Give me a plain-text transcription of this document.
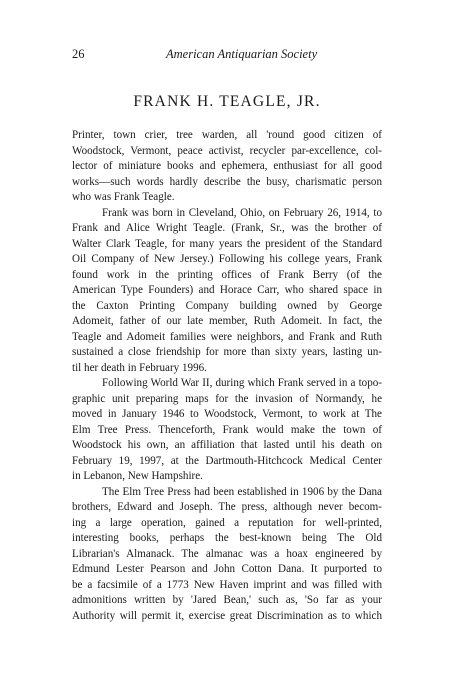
26	American Antiquarian Society
FRANK H. TEAGLE, JR.
Printer, town crier, tree warden, all 'round good citizen of
Woodstock, Vermont, peace activist, recycler par-excellence, col-
lector of miniature books and ephemera, enthusiast for all good
works—such words hardly describe the busy, charismatic person
who was Frank Teagle.
Frank was born in Cleveland, Ohio, on February 26, 1914, to
Frank and Alice Wright Teagle. (Frank, Sr., was the brother of
Walter Clark Teagle, for many years the president of the Standard
Oil Company of New Jersey.) Following his college years, Frank
found work in the printing offices of Frank Berry (of the
American Type Founders) and Horace Carr, who shared space in
the Caxton Printing Company building owned by George
Adomeit, father of our late member, Ruth Adomeit. In fact, the
Teagle and Adomeit families were neighbors, and Frank and Ruth
sustained a close friendship for more than sixty years, lasting un-
til her death in February 1996.
Following World War II, during which Frank served in a topo-
graphic unit preparing maps for the invasion of Normandy, he
moved in January 1946 to Woodstock, Vermont, to work at The
Elm Tree Press. Thenceforth, Frank would make the town of
Woodstock his own, an affiliation that lasted until his death on
February 19, 1997, at the Dartmouth-Hitchcock Medical Center
in Lebanon, New Hampshire.
The Elm Tree Press had been established in 1906 by the Dana
brothers, Edward and Joseph. The press, although never becom-
ing a large operation, gained a reputation for well-printed,
interesting books, perhaps the best-known being The Old
Librarian's Almanack. The almanac was a hoax engineered by
Edmund Lester Pearson and John Cotton Dana. It purported to
be a facsimile of a 1773 New Haven imprint and was filled with
admonitions written by 'Jared Bean,' such as, 'So far as your
Authority will permit it, exercise great Discrimination as to which
